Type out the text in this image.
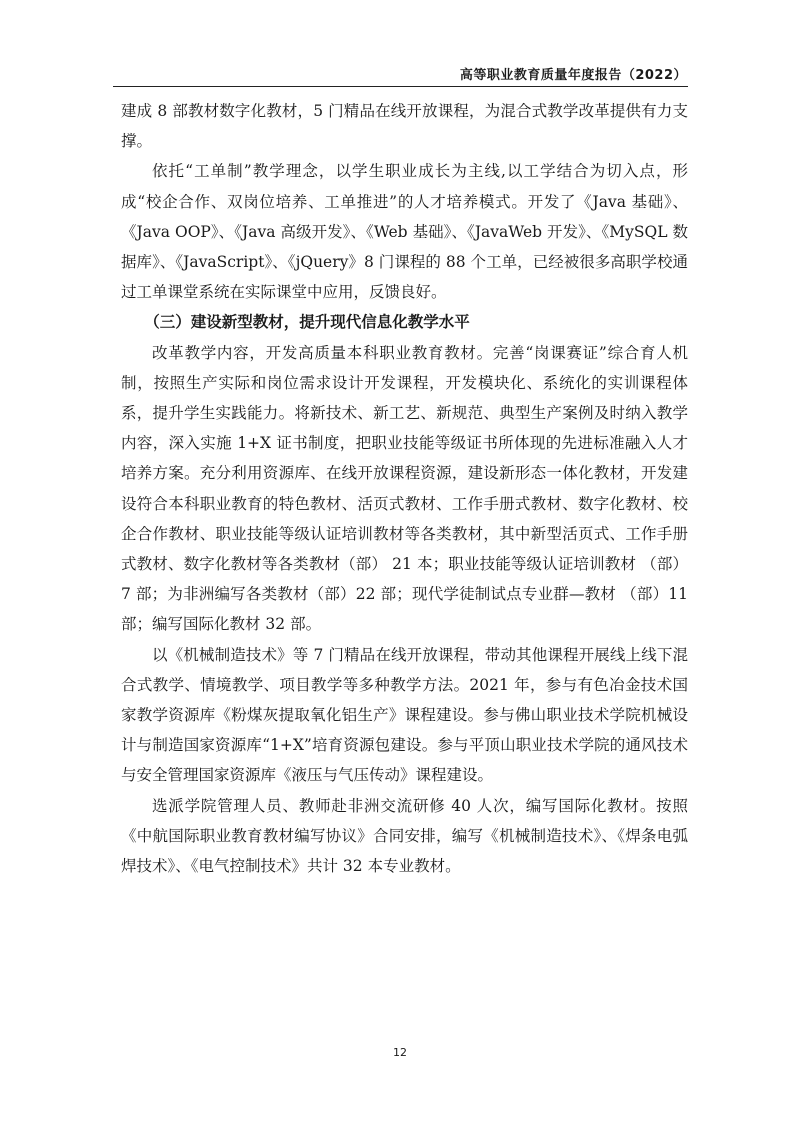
高等职业教育质量年度报告（2022）

建成 8 部教材数字化教材，5 门精品在线开放课程，为混合式教学改革提供有力支撑。

依托“工单制”教学理念，以学生职业成长为主线,以工学结合为切入点，形成“校企合作、双岗位培养、工单推进”的人才培养模式。开发了《Java 基础》、《Java OOP》、《Java 高级开发》、《Web 基础》、《JavaWeb 开发》、《MySQL 数据库》、《JavaScript》、《jQuery》8 门课程的 88 个工单，已经被很多高职学校通过工单课堂系统在实际课堂中应用，反馈良好。

（三）建设新型教材，提升现代信息化教学水平

改革教学内容，开发高质量本科职业教育教材。完善“岗课赛证”综合育人机制，按照生产实际和岗位需求设计开发课程，开发模块化、系统化的实训课程体系，提升学生实践能力。将新技术、新工艺、新规范、典型生产案例及时纳入教学内容，深入实施 1+X 证书制度，把职业技能等级证书所体现的先进标准融入人才培养方案。充分利用资源库、在线开放课程资源，建设新形态一体化教材，开发建设符合本科职业教育的特色教材、活页式教材、工作手册式教材、数字化教材、校企合作教材、职业技能等级认证培训教材等各类教材，其中新型活页式、工作手册式教材、数字化教材等各类教材（部） 21 本；职业技能等级认证培训教材 （部）7 部；为非洲编写各类教材（部）22 部；现代学徒制试点专业群—教材 （部）11 部；编写国际化教材 32 部。

以《机械制造技术》等 7 门精品在线开放课程，带动其他课程开展线上线下混合式教学、情境教学、项目教学等多种教学方法。2021 年，参与有色冶金技术国家教学资源库《粉煤灰提取氧化铝生产》课程建设。参与佛山职业技术学院机械设计与制造国家资源库“1+X”培育资源包建设。参与平顶山职业技术学院的通风技术与安全管理国家资源库《液压与气压传动》课程建设。

选派学院管理人员、教师赴非洲交流研修 40 人次，编写国际化教材。按照《中航国际职业教育教材编写协议》合同安排，编写《机械制造技术》、《焊条电弧焊技术》、《电气控制技术》共计 32 本专业教材。

12
